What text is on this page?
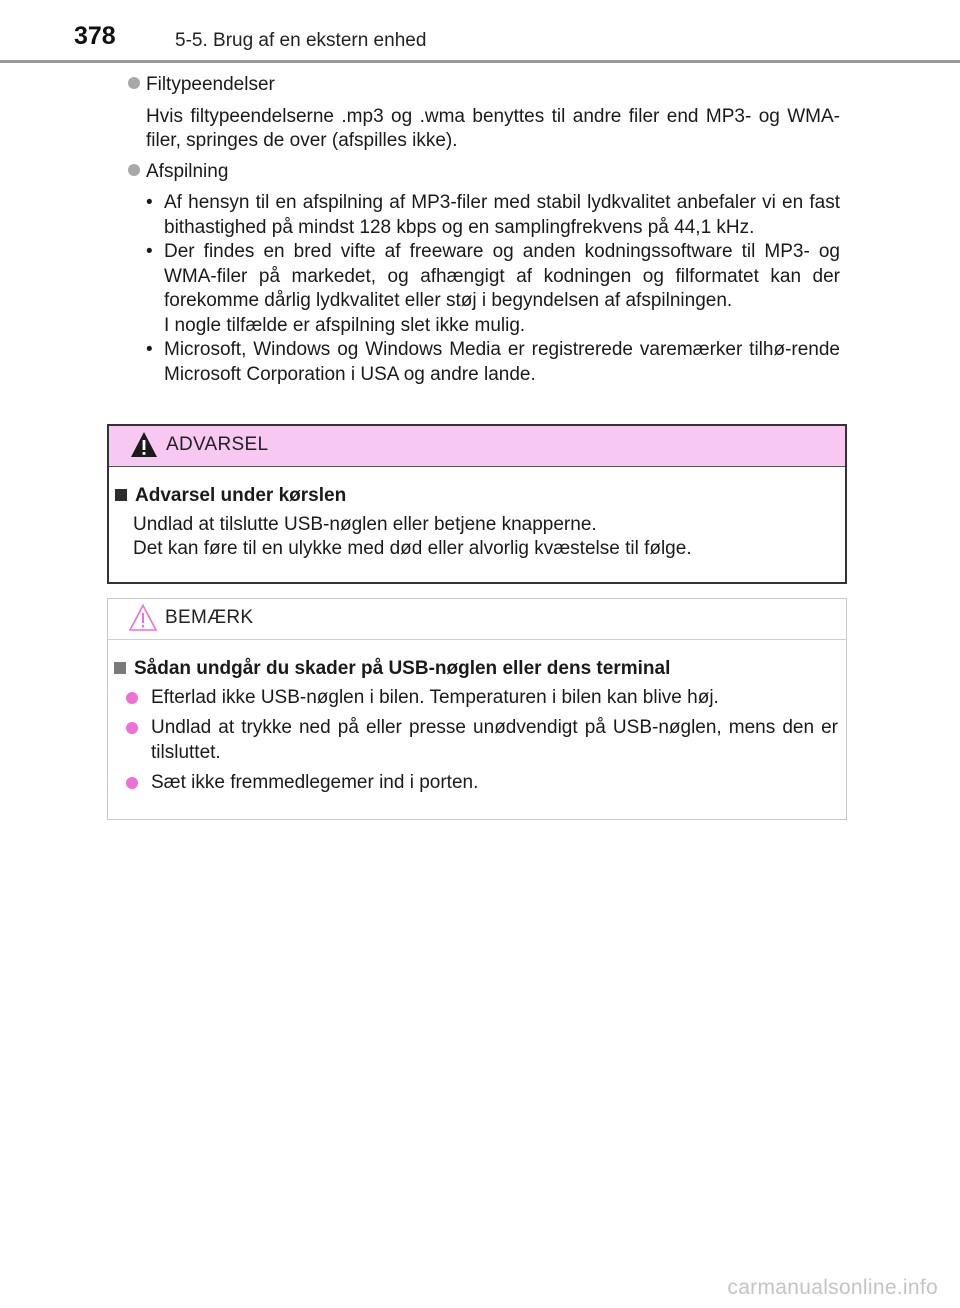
378	5-5. Brug af en ekstern enhed
Filtypeendelser
Hvis filtypeendelserne .mp3 og .wma benyttes til andre filer end MP3- og WMA-filer, springes de over (afspilles ikke).
Afspilning
• Af hensyn til en afspilning af MP3-filer med stabil lydkvalitet anbefaler vi en fast bithastighed på mindst 128 kbps og en samplingfrekvens på 44,1 kHz.
• Der findes en bred vifte af freeware og anden kodningssoftware til MP3- og WMA-filer på markedet, og afhængigt af kodningen og filformatet kan der forekomme dårlig lydkvalitet eller støj i begyndelsen af afspilningen.
I nogle tilfælde er afspilning slet ikke mulig.
• Microsoft, Windows og Windows Media er registrerede varemærker tilhø-rende Microsoft Corporation i USA og andre lande.
ADVARSEL
Advarsel under kørslen
Undlad at tilslutte USB-nøglen eller betjene knapperne.
Det kan føre til en ulykke med død eller alvorlig kvæstelse til følge.
BEMÆRK
Sådan undgår du skader på USB-nøglen eller dens terminal
Efterlad ikke USB-nøglen i bilen. Temperaturen i bilen kan blive høj.
Undlad at trykke ned på eller presse unødvendigt på USB-nøglen, mens den er tilsluttet.
Sæt ikke fremmedlegemer ind i porten.
carmanualsonline.info
